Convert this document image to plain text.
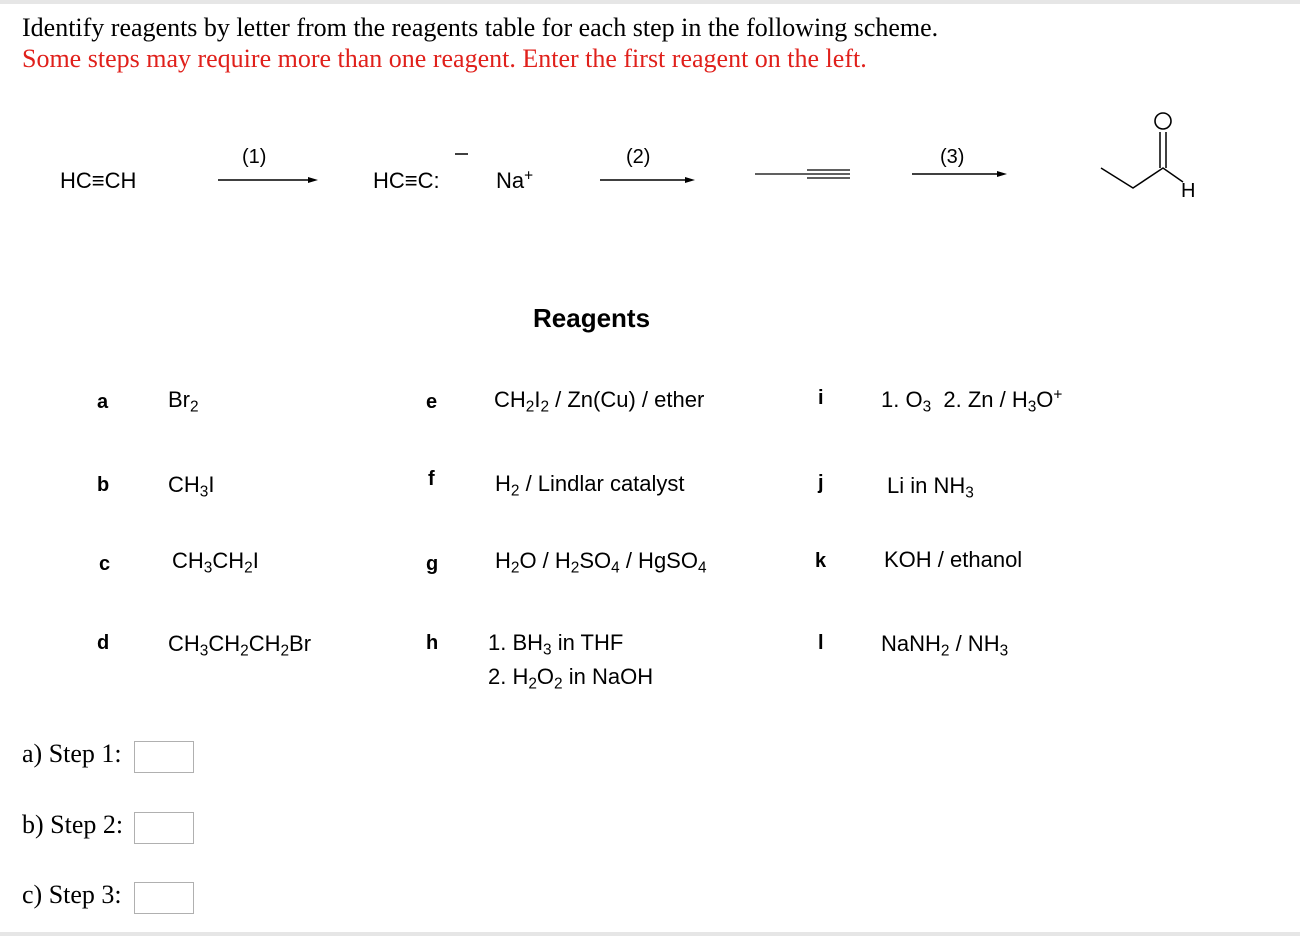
Identify reagents by letter from the reagents table for each step in the following scheme.
Some steps may require more than one reagent. Enter the first reagent on the left.
HC≡CH
(1)
HC≡C:	Na+
(2)	(3)
H
Reagents
a	$Br_2$
b	$CH_3I$
c	$CH_3CH_2I$
d	$CH_3CH_2CH_2Br$
e	$CH_2I_2 / Zn(Cu)$ / ether
f	$H_2$ / Lindlar catalyst
g	$H_2O / H_2SO_4$ / HgSO$_4$
h 1. $BH_3$ in THF
2. $H_2O_2$ in NaOH
i	1. $O_3$  2. Zn / $H_3O^+$
j	Li in $NH_3$
k	KOH / ethanol
l	NaNH$_2$ / $NH_3$
a) Step 1:
b) Step 2:
c) Step 3:
